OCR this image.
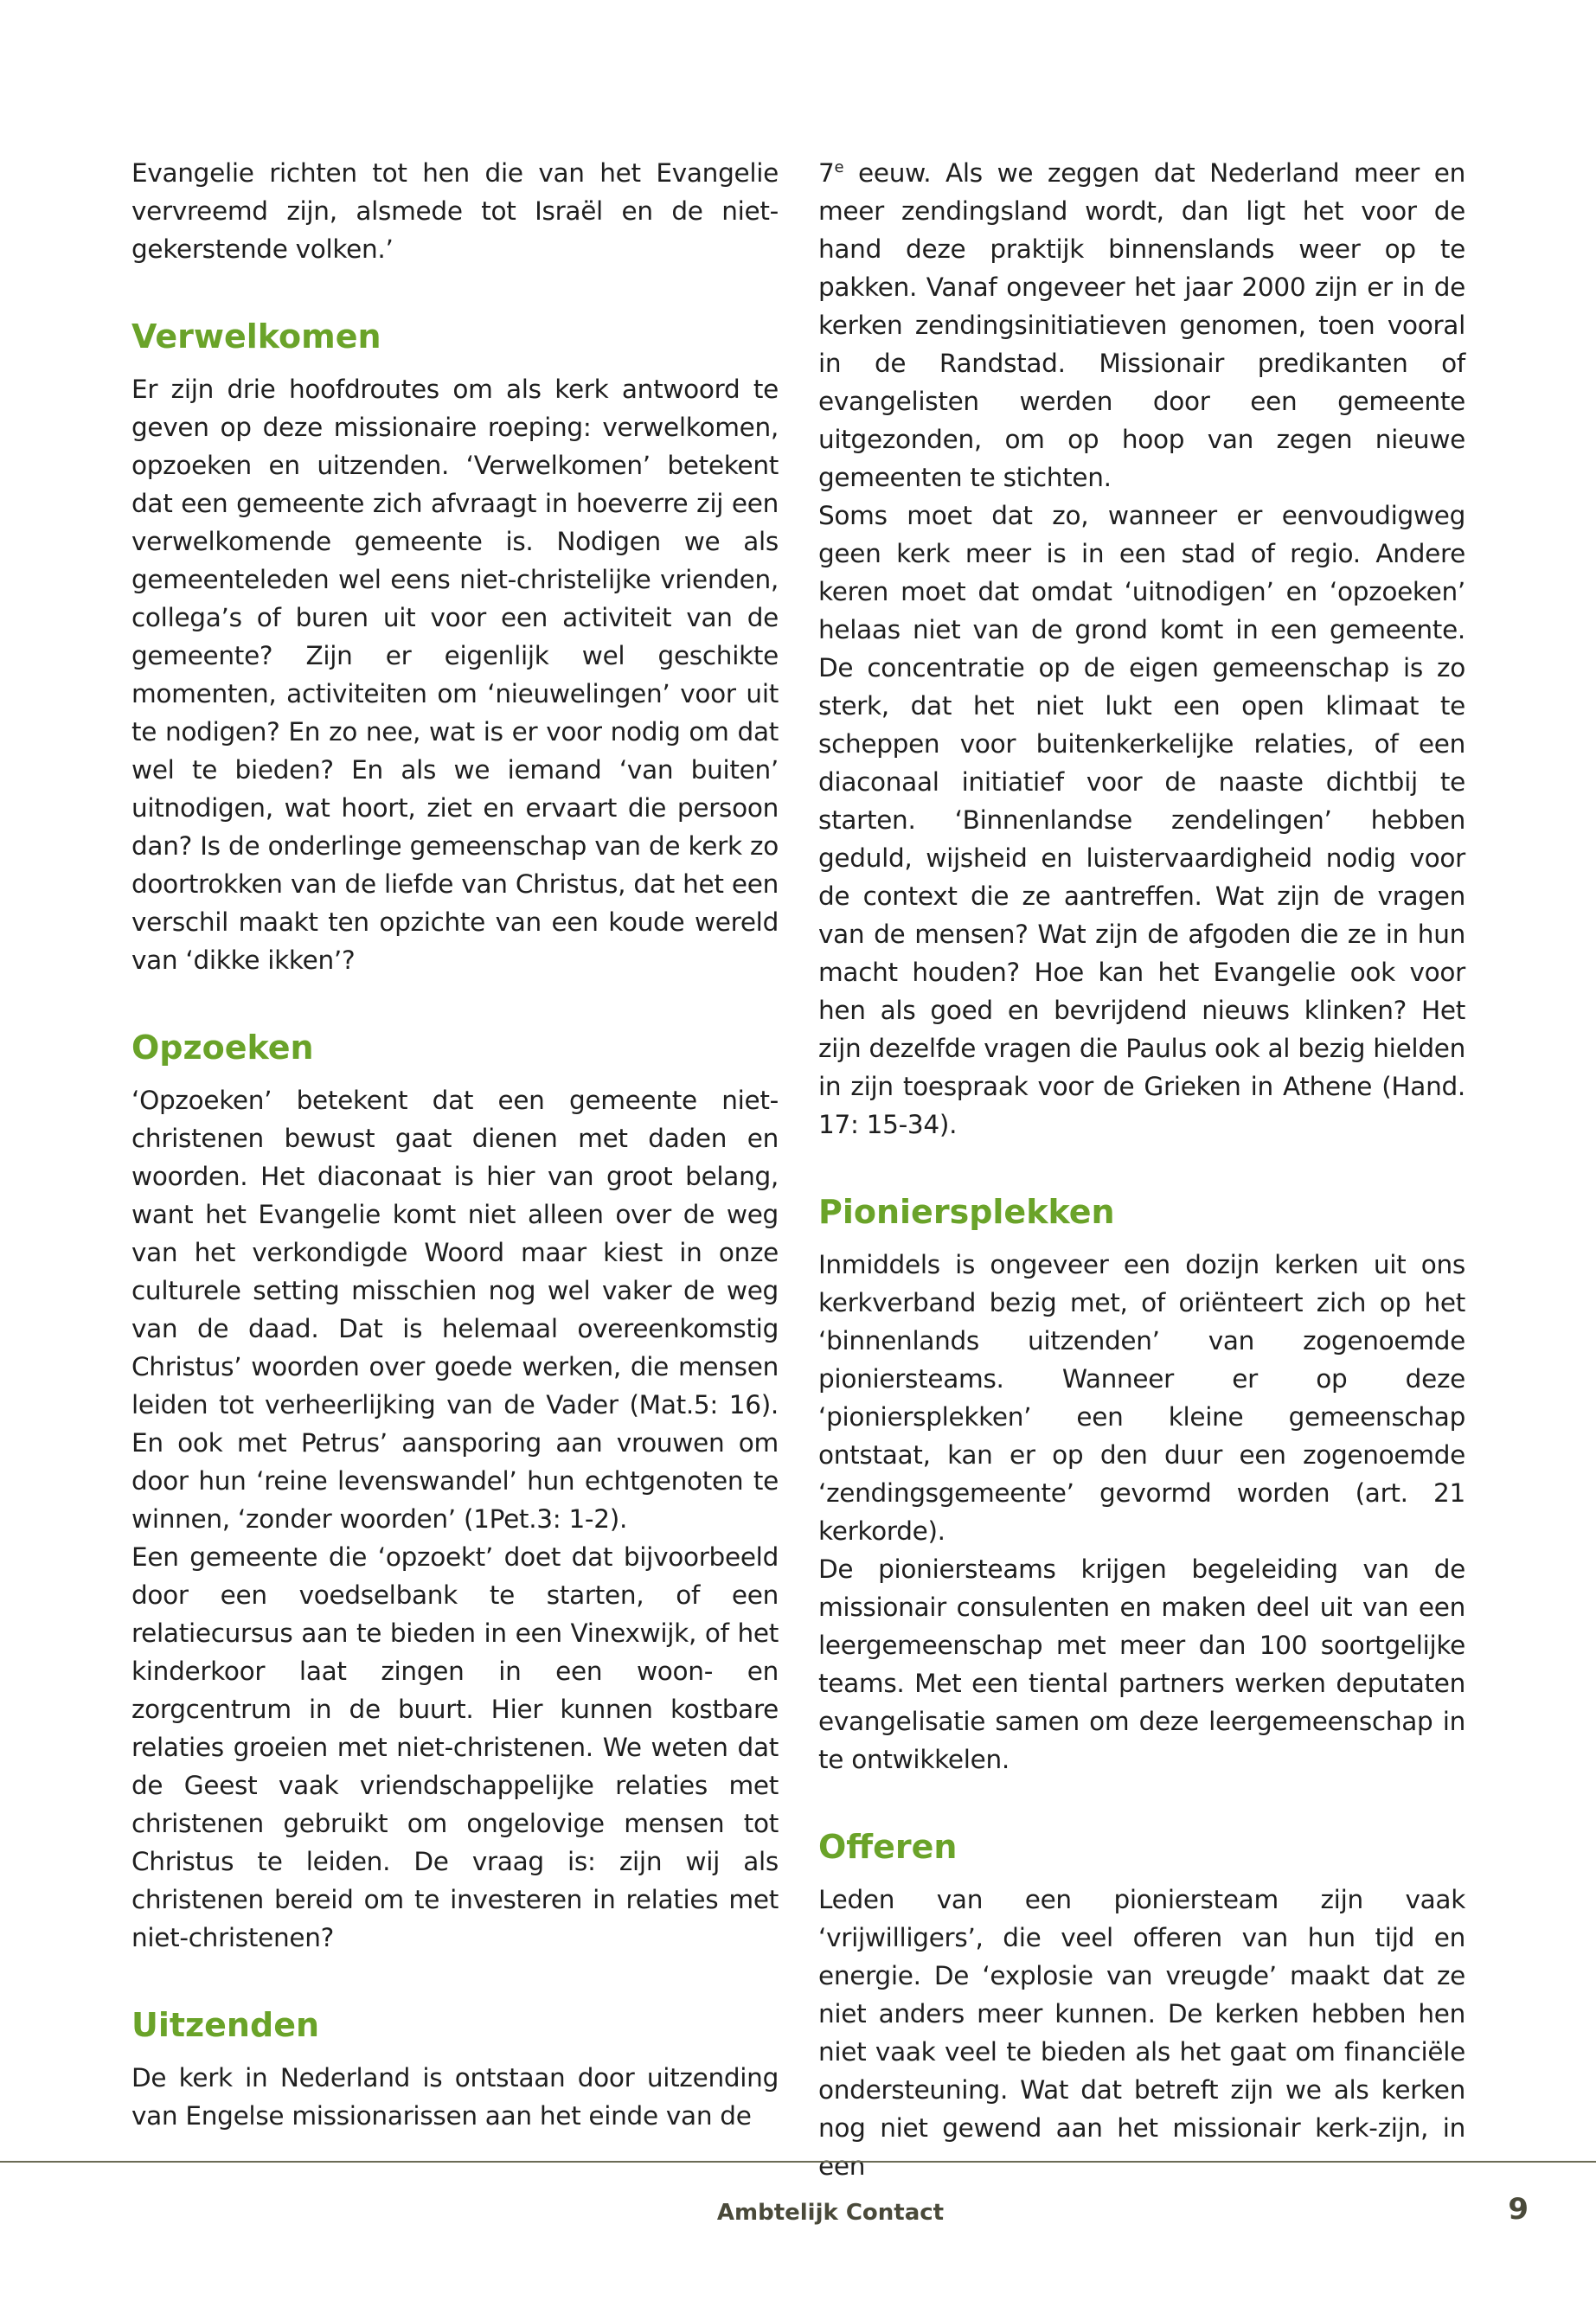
Evangelie richten tot hen die van het Evangelie vervreemd zijn, alsmede tot Israël en de niet-gekerstende volken.’

Verwelkomen

Er zijn drie hoofdroutes om als kerk antwoord te geven op deze missionaire roeping: verwelkomen, opzoeken en uitzenden. ‘Verwelkomen’ betekent dat een gemeente zich afvraagt in hoeverre zij een verwelkomende gemeente is. Nodigen we als gemeenteleden wel eens niet-christelijke vrienden, collega’s of buren uit voor een activiteit van de gemeente? Zijn er eigenlijk wel geschikte momenten, activiteiten om ‘nieuwelingen’ voor uit te nodigen? En zo nee, wat is er voor nodig om dat wel te bieden? En als we iemand ‘van buiten’ uitnodigen, wat hoort, ziet en ervaart die persoon dan? Is de onderlinge gemeenschap van de kerk zo doortrokken van de liefde van Christus, dat het een verschil maakt ten opzichte van een koude wereld van ‘dikke ikken’?

Opzoeken

‘Opzoeken’ betekent dat een gemeente niet-christenen bewust gaat dienen met daden en woorden. Het diaconaat is hier van groot belang, want het Evangelie komt niet alleen over de weg van het verkondigde Woord maar kiest in onze culturele setting misschien nog wel vaker de weg van de daad. Dat is helemaal overeenkomstig Christus’ woorden over goede werken, die mensen leiden tot verheerlijking van de Vader (Mat.5: 16). En ook met Petrus’ aansporing aan vrouwen om door hun ‘reine levenswandel’ hun echtgenoten te winnen, ‘zonder woorden’ (1Pet.3: 1-2).

Een gemeente die ‘opzoekt’ doet dat bijvoorbeeld door een voedselbank te starten, of een relatiecursus aan te bieden in een Vinexwijk, of het kinderkoor laat zingen in een woon- en zorgcentrum in de buurt. Hier kunnen kostbare relaties groeien met niet-christenen. We weten dat de Geest vaak vriendschappelijke relaties met christenen gebruikt om ongelovige mensen tot Christus te leiden. De vraag is: zijn wij als christenen bereid om te investeren in relaties met niet-christenen?

Uitzenden

De kerk in Nederland is ontstaan door uitzending van Engelse missionarissen aan het einde van de

7e eeuw. Als we zeggen dat Nederland meer en meer zendingsland wordt, dan ligt het voor de hand deze praktijk binnenslands weer op te pakken. Vanaf ongeveer het jaar 2000 zijn er in de kerken zendingsinitiatieven genomen, toen vooral in de Randstad. Missionair predikanten of evangelisten werden door een gemeente uitgezonden, om op hoop van zegen nieuwe gemeenten te stichten.

Soms moet dat zo, wanneer er eenvoudigweg geen kerk meer is in een stad of regio. Andere keren moet dat omdat ‘uitnodigen’ en ‘opzoeken’ helaas niet van de grond komt in een gemeente. De concentratie op de eigen gemeenschap is zo sterk, dat het niet lukt een open klimaat te scheppen voor buitenkerkelijke relaties, of een diaconaal initiatief voor de naaste dichtbij te starten. ‘Binnenlandse zendelingen’ hebben geduld, wijsheid en luistervaardigheid nodig voor de context die ze aantreffen. Wat zijn de vragen van de mensen? Wat zijn de afgoden die ze in hun macht houden? Hoe kan het Evangelie ook voor hen als goed en bevrijdend nieuws klinken? Het zijn dezelfde vragen die Paulus ook al bezig hielden in zijn toespraak voor de Grieken in Athene (Hand. 17: 15-34).

Pioniersplekken

Inmiddels is ongeveer een dozijn kerken uit ons kerkverband bezig met, of oriënteert zich op het ‘binnenlands uitzenden’ van zogenoemde pioniersteams. Wanneer er op deze ‘pioniersplekken’ een kleine gemeenschap ontstaat, kan er op den duur een zogenoemde ‘zendingsgemeente’ gevormd worden (art. 21 kerkorde).

De pioniersteams krijgen begeleiding van de missionair consulenten en maken deel uit van een leergemeenschap met meer dan 100 soortgelijke teams. Met een tiental partners werken deputaten evangelisatie samen om deze leergemeenschap in te ontwikkelen.

Offeren

Leden van een pioniersteam zijn vaak ‘vrijwilligers’, die veel offeren van hun tijd en energie. De ‘explosie van vreugde’ maakt dat ze niet anders meer kunnen. De kerken hebben hen niet vaak veel te bieden als het gaat om financiële ondersteuning. Wat dat betreft zijn we als kerken nog niet gewend aan het missionair kerk-zijn, in een

Ambtelijk Contact	9
